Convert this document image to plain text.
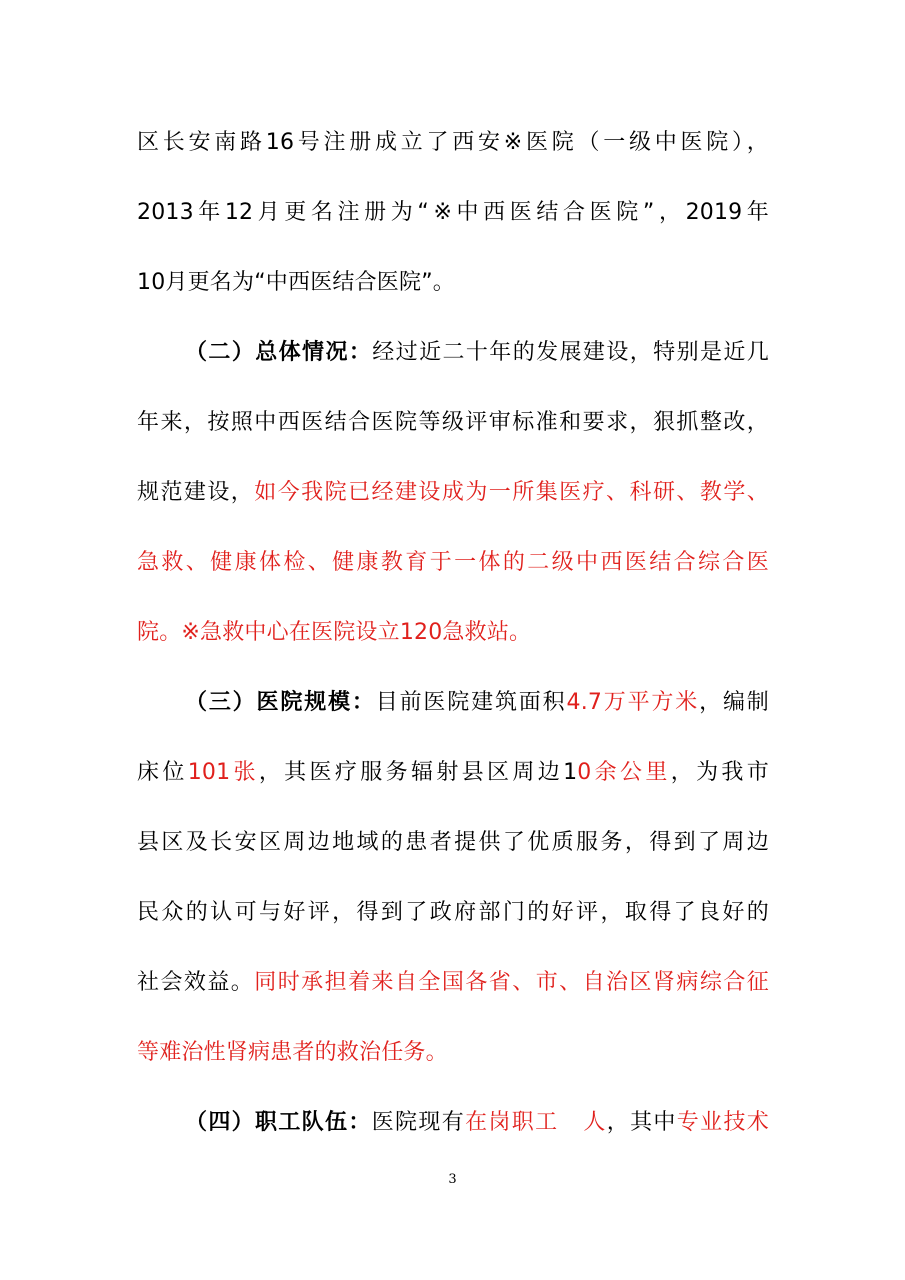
区长安南路16号注册成立了西安※医院（一级中医院），
2013年12月更名注册为“※中西医结合医院”，2019年
10月更名为“中西医结合医院”。
（二）总体情况：经过近二十年的发展建设，特别是近几
年来，按照中西医结合医院等级评审标准和要求，狠抓整改，
规范建设，如今我院已经建设成为一所集医疗、科研、教学、
急救、健康体检、健康教育于一体的二级中西医结合综合医
院。※急救中心在医院设立120急救站。
（三）医院规模：目前医院建筑面积4.7万平方米，编制
床位101张，其医疗服务辐射县区周边10余公里，为我市
县区及长安区周边地域的患者提供了优质服务，得到了周边
民众的认可与好评，得到了政府部门的好评，取得了良好的
社会效益。同时承担着来自全国各省、市、自治区肾病综合征
等难治性肾病患者的救治任务。
（四）职工队伍：医院现有在岗职工   人，其中专业技术
3
